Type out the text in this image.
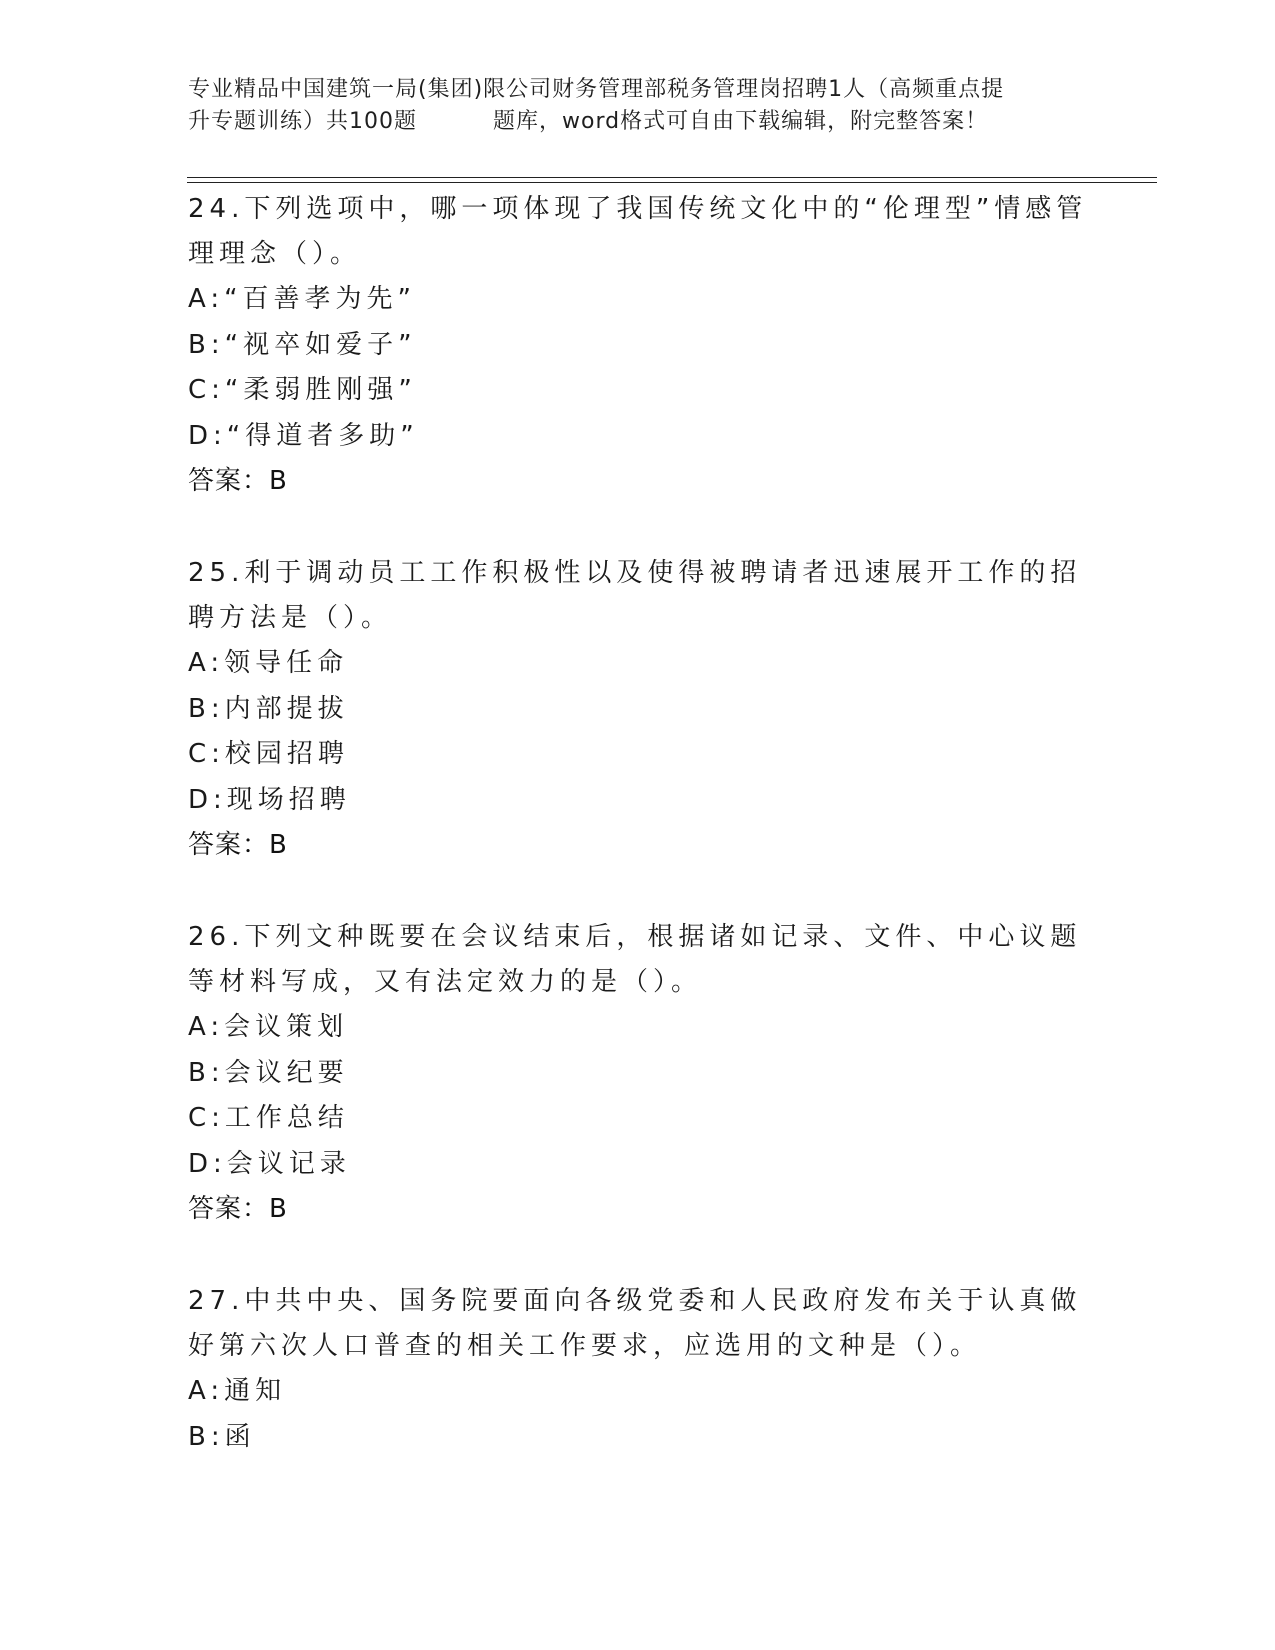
专业精品中国建筑一局(集团)限公司财务管理部税务管理岗招聘1人（高频重点提
升专题训练）共100题	题库，word格式可自由下载编辑，附完整答案！

24.下列选项中，哪一项体现了我国传统文化中的“伦理型”情感管理理念（）。

A:“百善孝为先”

B:“视卒如爱子”

C:“柔弱胜刚强”

D:“得道者多助”

答案：B

25.利于调动员工工作积极性以及使得被聘请者迅速展开工作的招聘方法是（）。

A:领导任命

B:内部提拔

C:校园招聘

D:现场招聘

答案：B

26.下列文种既要在会议结束后，根据诸如记录、文件、中心议题等材料写成，又有法定效力的是（）。

A:会议策划

B:会议纪要

C:工作总结

D:会议记录

答案：B

27.中共中央、国务院要面向各级党委和人民政府发布关于认真做好第六次人口普查的相关工作要求，应选用的文种是（）。

A:通知

B:函
